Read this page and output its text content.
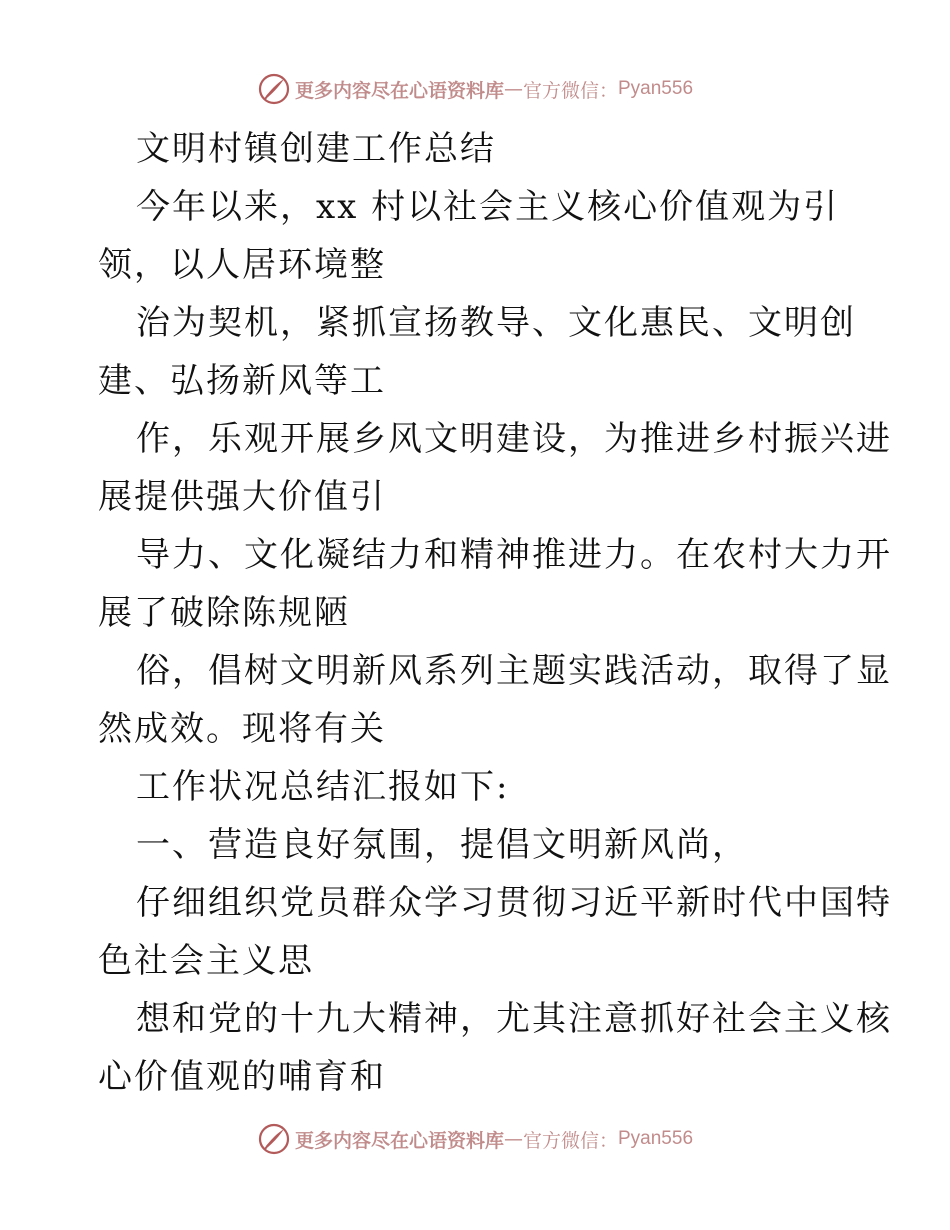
更多内容尽在心语资料库 — 官方微信： Pyan556
文明村镇创建工作总结
今年以来，xx 村以社会主义核心价值观为引
领，以人居环境整
治为契机，紧抓宣扬教导、文化惠民、文明创
建、弘扬新风等工
作，乐观开展乡风文明建设，为推进乡村振兴进
展提供强大价值引
导力、文化凝结力和精神推进力。在农村大力开
展了破除陈规陋
俗，倡树文明新风系列主题实践活动，取得了显
然成效。现将有关
工作状况总结汇报如下:
一、营造良好氛围，提倡文明新风尚，
仔细组织党员群众学习贯彻习近平新时代中国特
色社会主义思
想和党的十九大精神，尤其注意抓好社会主义核
心价值观的哺育和
更多内容尽在心语资料库 — 官方微信： Pyan556
